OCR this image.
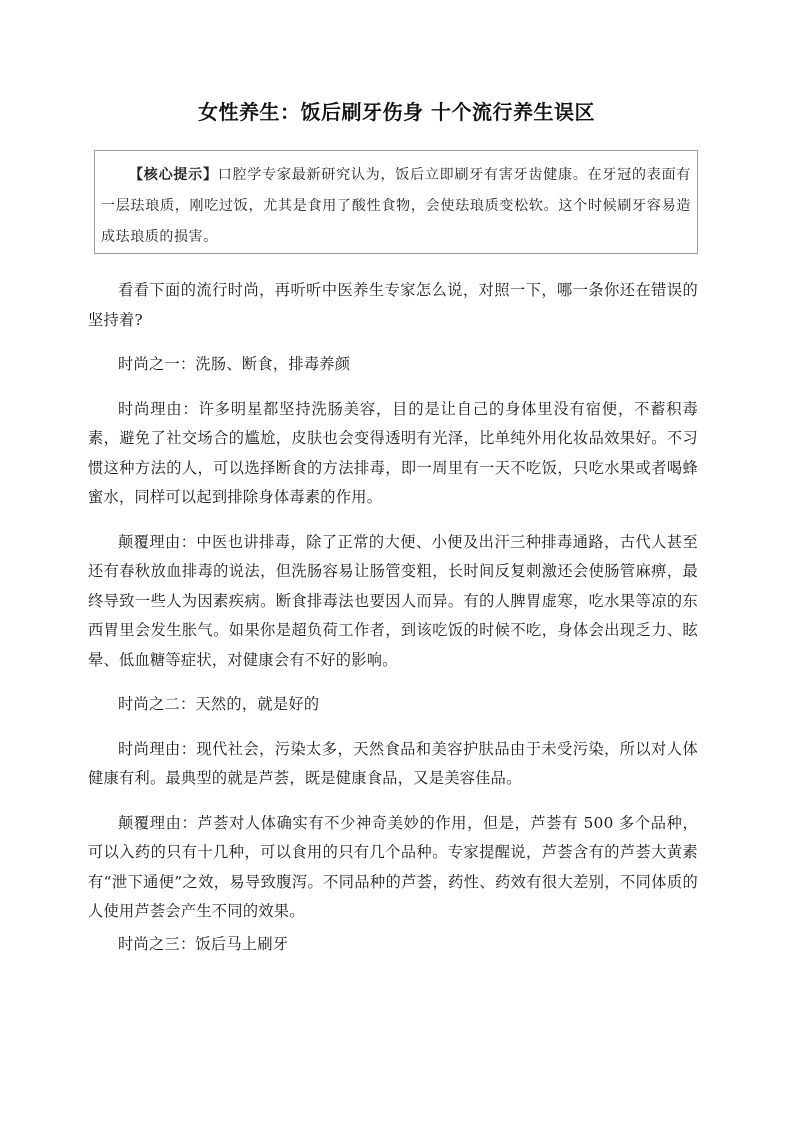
女性养生：饭后刷牙伤身 十个流行养生误区
【核心提示】口腔学专家最新研究认为，饭后立即刷牙有害牙齿健康。在牙冠的表面有一层珐琅质，刚吃过饭，尤其是食用了酸性食物，会使珐琅质变松软。这个时候刷牙容易造成珐琅质的损害。

看看下面的流行时尚，再听听中医养生专家怎么说，对照一下，哪一条你还在错误的坚持着?

时尚之一：洗肠、断食，排毒养颜

时尚理由：许多明星都坚持洗肠美容，目的是让自己的身体里没有宿便，不蓄积毒素，避免了社交场合的尴尬，皮肤也会变得透明有光泽，比单纯外用化妆品效果好。不习惯这种方法的人，可以选择断食的方法排毒，即一周里有一天不吃饭，只吃水果或者喝蜂蜜水，同样可以起到排除身体毒素的作用。

颠覆理由：中医也讲排毒，除了正常的大便、小便及出汗三种排毒通路，古代人甚至还有春秋放血排毒的说法，但洗肠容易让肠管变粗，长时间反复刺激还会使肠管麻痹，最终导致一些人为因素疾病。断食排毒法也要因人而异。有的人脾胃虚寒，吃水果等凉的东西胃里会发生胀气。如果你是超负荷工作者，到该吃饭的时候不吃，身体会出现乏力、眩晕、低血糖等症状，对健康会有不好的影响。

时尚之二：天然的，就是好的

时尚理由：现代社会，污染太多，天然食品和美容护肤品由于未受污染，所以对人体健康有利。最典型的就是芦荟，既是健康食品，又是美容佳品。

颠覆理由：芦荟对人体确实有不少神奇美妙的作用，但是，芦荟有 500 多个品种，可以入药的只有十几种，可以食用的只有几个品种。专家提醒说，芦荟含有的芦荟大黄素有“泄下通便”之效，易导致腹泻。不同品种的芦荟，药性、药效有很大差别，不同体质的人使用芦荟会产生不同的效果。

时尚之三：饭后马上刷牙
